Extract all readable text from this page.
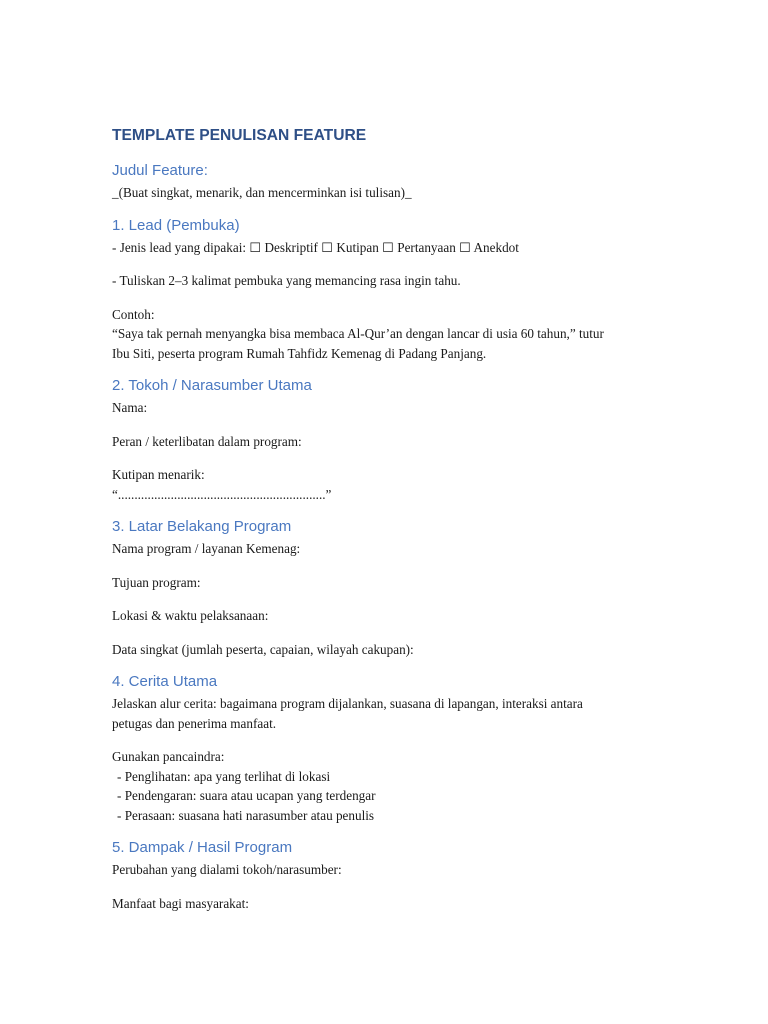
TEMPLATE PENULISAN FEATURE
Judul Feature:

_(Buat singkat, menarik, dan mencerminkan isi tulisan)_

1. Lead (Pembuka)

- Jenis lead yang dipakai: ☐ Deskriptif ☐ Kutipan ☐ Pertanyaan ☐ Anekdot

- Tuliskan 2–3 kalimat pembuka yang memancing rasa ingin tahu.

Contoh:

“Saya tak pernah menyangka bisa membaca Al-Qur’an dengan lancar di usia 60 tahun,” tutur

Ibu Siti, peserta program Rumah Tahfidz Kemenag di Padang Panjang.

2. Tokoh / Narasumber Utama

Nama:

Peran / keterlibatan dalam program:

Kutipan menarik:

“...............................................................”

3. Latar Belakang Program

Nama program / layanan Kemenag:

Tujuan program:

Lokasi & waktu pelaksanaan:

Data singkat (jumlah peserta, capaian, wilayah cakupan):

4. Cerita Utama

Jelaskan alur cerita: bagaimana program dijalankan, suasana di lapangan, interaksi antara

petugas dan penerima manfaat.

Gunakan pancaindra:

- Penglihatan: apa yang terlihat di lokasi

- Pendengaran: suara atau ucapan yang terdengar

- Perasaan: suasana hati narasumber atau penulis

5. Dampak / Hasil Program

Perubahan yang dialami tokoh/narasumber:

Manfaat bagi masyarakat:
